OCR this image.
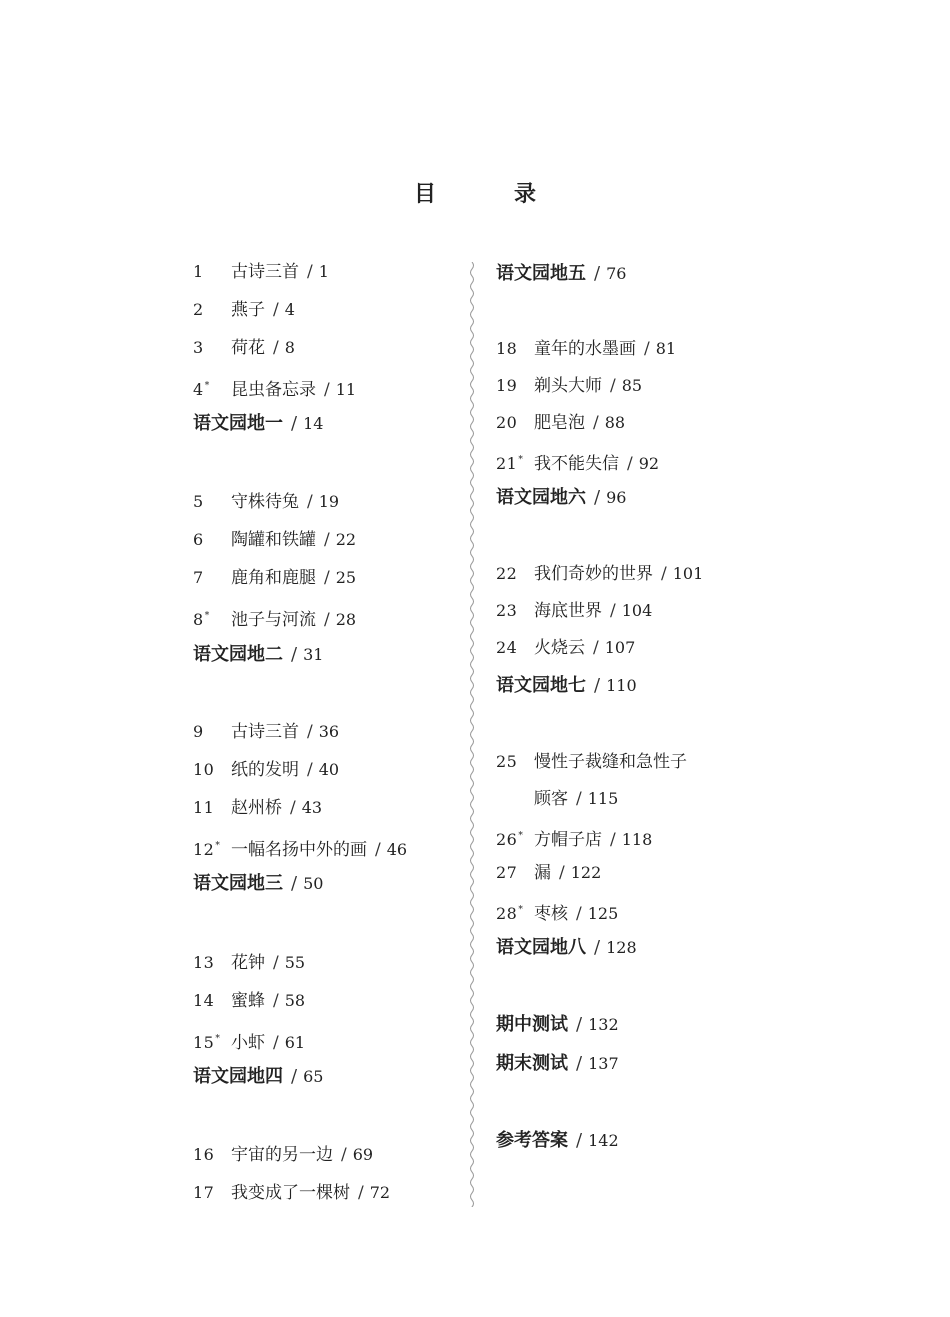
目　录
1 古诗三首 / 1
2 燕子 / 4
3 荷花 / 8
4* 昆虫备忘录 / 11
语文园地一 / 14
5 守株待兔 / 19
6 陶罐和铁罐 / 22
7 鹿角和鹿腿 / 25
8* 池子与河流 / 28
语文园地二 / 31
9 古诗三首 / 36
10 纸的发明 / 40
11 赵州桥 / 43
12* 一幅名扬中外的画 / 46
语文园地三 / 50
13 花钟 / 55
14 蜜蜂 / 58
15* 小虾 / 61
语文园地四 / 65
16 宇宙的另一边 / 69
17 我变成了一棵树 / 72
语文园地五 / 76
18 童年的水墨画 / 81
19 剃头大师 / 85
20 肥皂泡 / 88
21* 我不能失信 / 92
语文园地六 / 96
22 我们奇妙的世界 / 101
23 海底世界 / 104
24 火烧云 / 107
语文园地七 / 110
25 慢性子裁缝和急性子
顾客 / 115
26* 方帽子店 / 118
27 漏 / 122
28* 枣核 / 125
语文园地八 / 128
期中测试 / 132
期末测试 / 137
参考答案 / 142
